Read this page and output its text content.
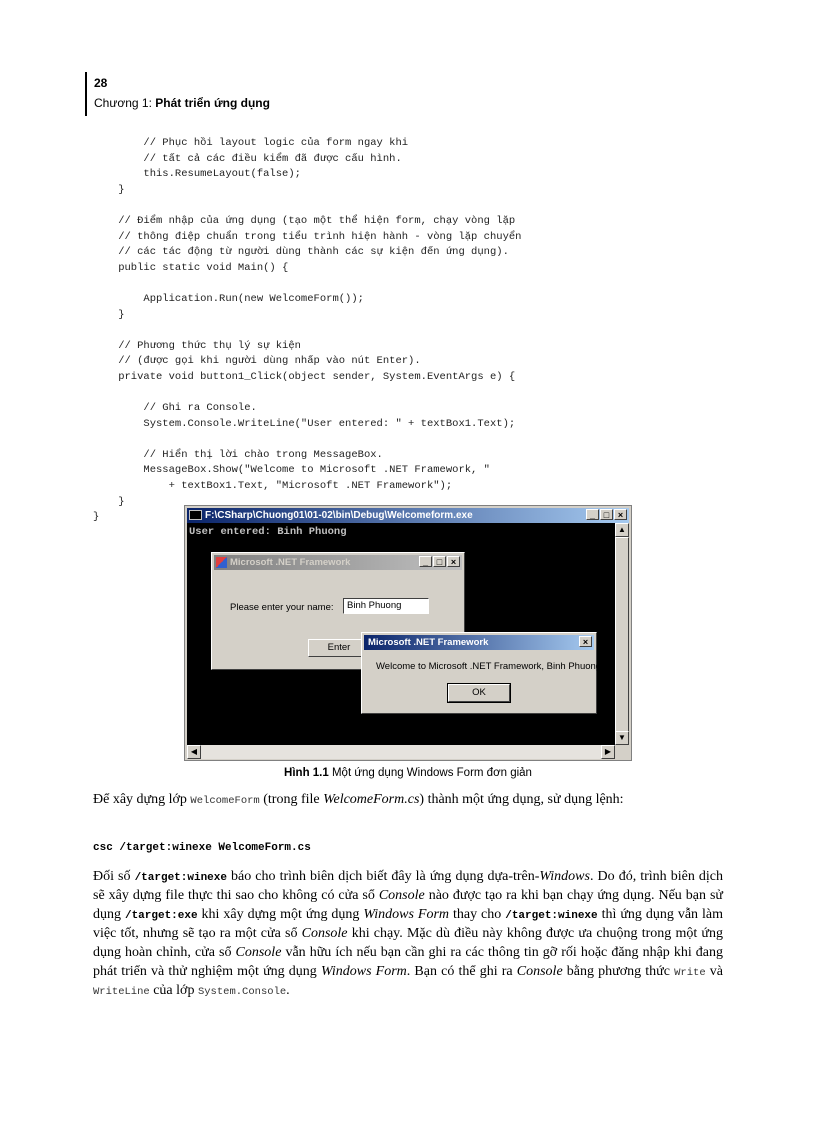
28
Chương 1: Phát triển ứng dụng
// Phục hồi layout logic của form ngay khi
// tất cả các điều kiểm đã được cấu hình.
this.ResumeLayout(false);
}
// Điểm nhập của ứng dụng (tạo một thể hiện form, chạy vòng lặp
// thông điệp chuẩn trong tiểu trình hiện hành - vòng lặp chuyển
// các tác động từ người dùng thành các sự kiện đến ứng dụng).
public static void Main() {
Application.Run(new WelcomeForm());
}
// Phương thức thụ lý sự kiện
// (được gọi khi người dùng nhấp vào nút Enter).
private void button1_Click(object sender, System.EventArgs e) {
// Ghi ra Console.
System.Console.WriteLine("User entered: " + textBox1.Text);
// Hiển thị lời chào trong MessageBox.
MessageBox.Show("Welcome to Microsoft .NET Framework, "
+ textBox1.Text, "Microsoft .NET Framework");
}
}	F:\CSharp\Chuong01\01-02\bin\Debug\Welcomeform.exe	_ □ ×
User entered: Binh Phuong	▲
▼
◀	▶
Microsoft .NET Framework	_ □ ×
Please enter your name:	Binh Phuong
Enter	Microsoft .NET Framework	×
Welcome to Microsoft .NET Framework, Binh Phuong
OK
Hình 1.1 Một ứng dụng Windows Form đơn giản

Để xây dựng lớp WelcomeForm (trong file WelcomeForm.cs) thành một ứng dụng, sử dụng lệnh:

csc /target:winexe WelcomeForm.cs

Đối số /target:winexe báo cho trình biên dịch biết đây là ứng dụng dựa-trên-Windows. Do đó, trình biên dịch sẽ xây dựng file thực thi sao cho không có cửa sổ Console nào được tạo ra khi bạn chạy ứng dụng. Nếu bạn sử dụng /target:exe khi xây dựng một ứng dụng Windows Form thay cho /target:winexe thì ứng dụng vẫn làm việc tốt, nhưng sẽ tạo ra một cửa sổ Console khi chạy. Mặc dù điều này không được ưa chuộng trong một ứng dụng hoàn chỉnh, cửa sổ Console vẫn hữu ích nếu bạn cần ghi ra các thông tin gỡ rối hoặc đăng nhập khi đang phát triển và thử nghiệm một ứng dụng Windows Form. Bạn có thể ghi ra Console bằng phương thức Write và WriteLine của lớp System.Console.
